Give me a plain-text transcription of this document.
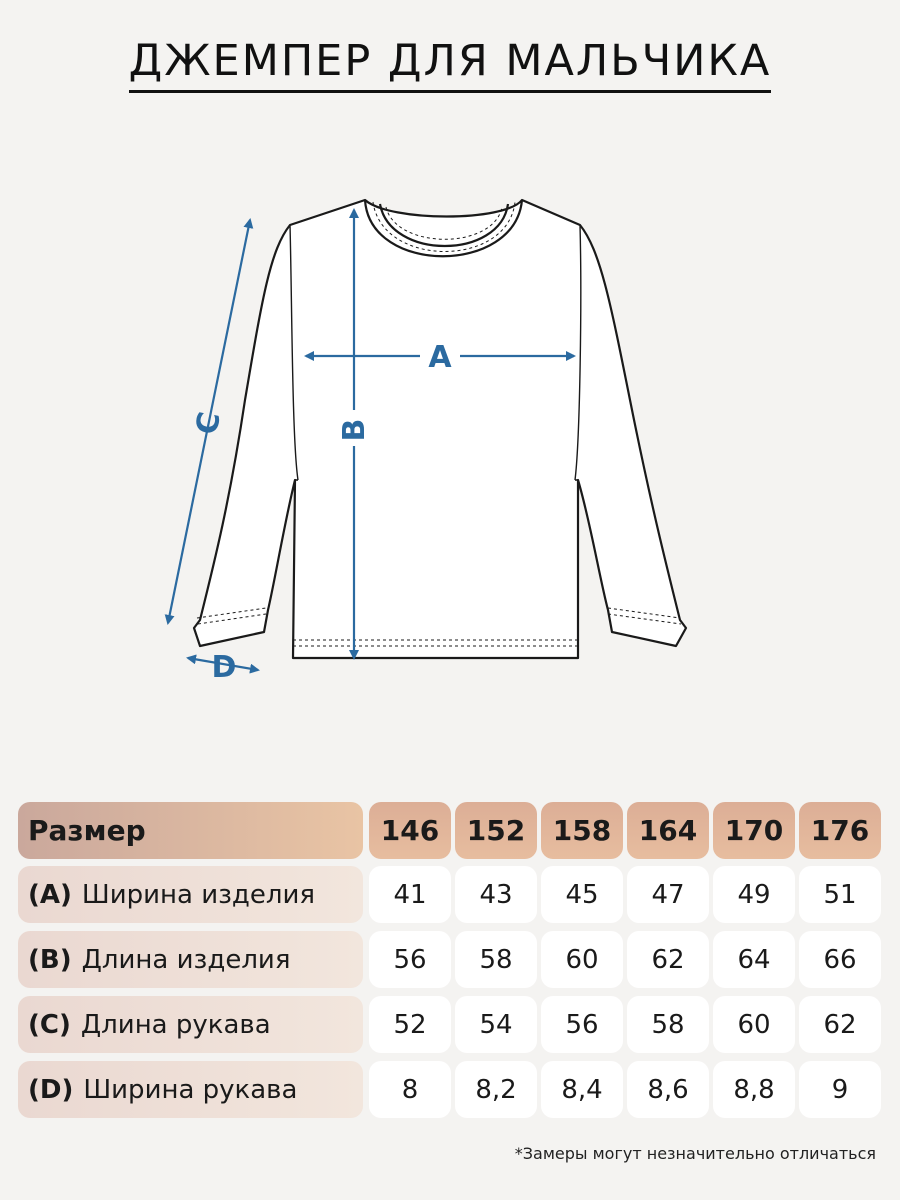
ДЖЕМПЕР ДЛЯ МАЛЬЧИКА
A
B
C
D
Размер	146 152 158 164 170 176
(A) Ширина изделия	41	43	45	47	49	51
(B) Длина изделия	56	58	60	62	64	66
(C) Длина рукава	52	54	56	58	60	62
(D) Ширина рукава	8	8,2	8,4	8,6	8,8	9
*Замеры могут незначительно отличаться
